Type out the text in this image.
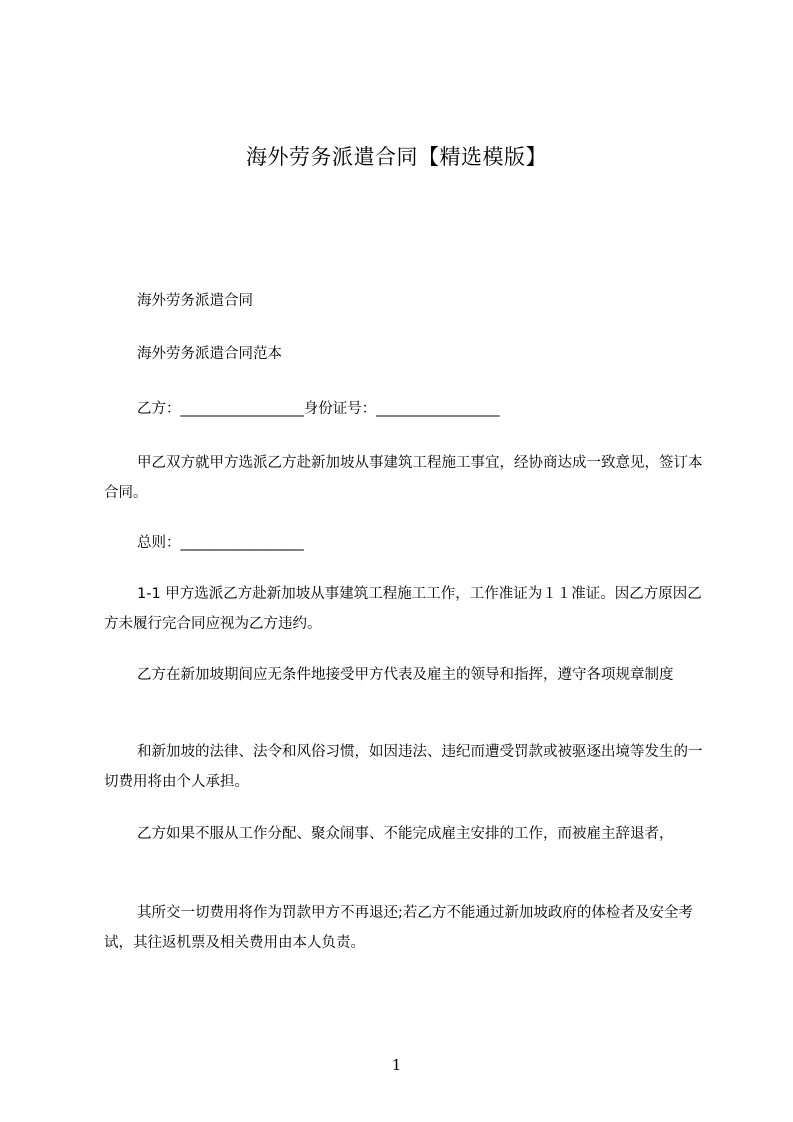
海外劳务派遣合同【精选模版】
海外劳务派遣合同
海外劳务派遣合同范本
乙方：_________________身份证号：_________________
甲乙双方就甲方选派乙方赴新加坡从事建筑工程施工事宜，经协商达成一致意见，签订本合同。
总则：_________________
1-1 甲方选派乙方赴新加坡从事建筑工程施工工作，工作准证为１１准证。因乙方原因乙方未履行完合同应视为乙方违约。
乙方在新加坡期间应无条件地接受甲方代表及雇主的领导和指挥，遵守各项规章制度
和新加坡的法律、法令和风俗习惯，如因违法、违纪而遭受罚款或被驱逐出境等发生的一切费用将由个人承担。
乙方如果不服从工作分配、聚众闹事、不能完成雇主安排的工作，而被雇主辞退者，
其所交一切费用将作为罚款甲方不再退还;若乙方不能通过新加坡政府的体检者及安全考试，其往返机票及相关费用由本人负责。
1
